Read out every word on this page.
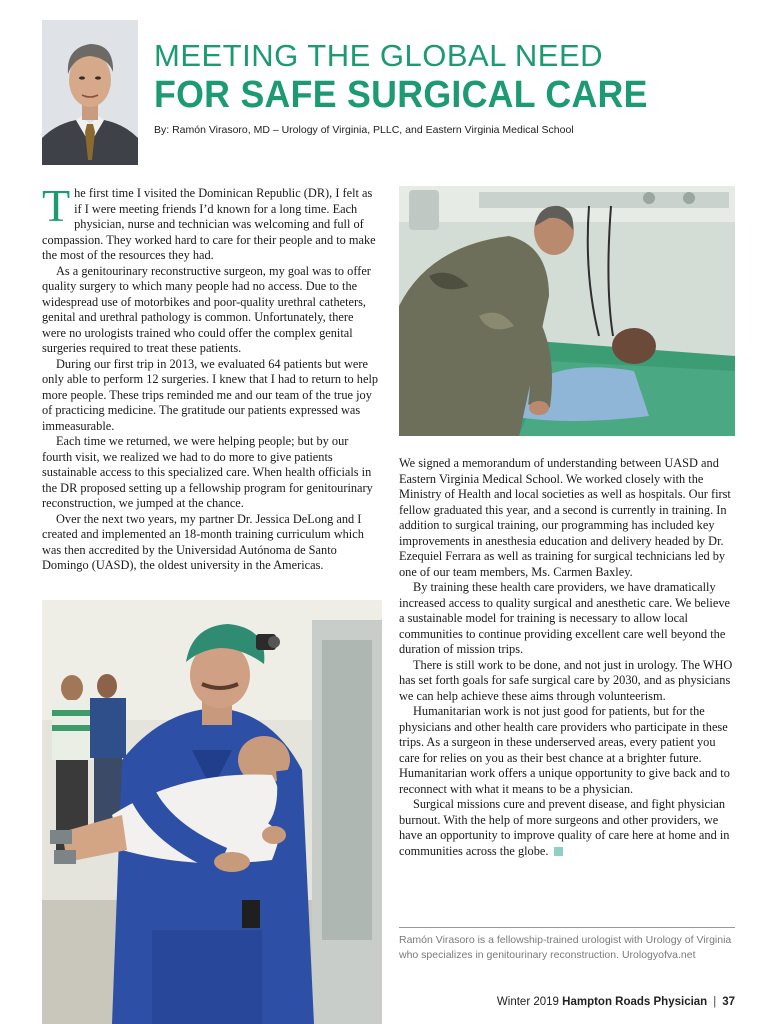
MEETING THE GLOBAL NEED
FOR SAFE SURGICAL CARE
By: Ramón Virasoro, MD – Urology of Virginia, PLLC, and Eastern Virginia Medical School

The first time I visited the Dominican Republic (DR), I felt as if I were meeting friends I’d known for a long time. Each physician, nurse and technician was welcoming and full of compassion. They worked hard to care for their people and to make the most of the resources they had.

As a genitourinary reconstructive surgeon, my goal was to offer quality surgery to which many people had no access. Due to the widespread use of motorbikes and poor-quality urethral catheters, genital and urethral pathology is common. Unfortunately, there were no urologists trained who could offer the complex genital surgeries required to treat these patients.

During our first trip in 2013, we evaluated 64 patients but were only able to perform 12 surgeries. I knew that I had to return to help more people. These trips reminded me and our team of the true joy of practicing medicine. The gratitude our patients expressed was immeasurable.

Each time we returned, we were helping people; but by our fourth visit, we realized we had to do more to give patients sustainable access to this specialized care. When health officials in the DR proposed setting up a fellowship program for genitourinary reconstruction, we jumped at the chance.

Over the next two years, my partner Dr. Jessica DeLong and I created and implemented an 18-month training curriculum which was then accredited by the Universidad Autónoma de Santo Domingo (UASD), the oldest university in the Americas.

We signed a memorandum of understanding between UASD and Eastern Virginia Medical School. We worked closely with the Ministry of Health and local societies as well as hospitals. Our first fellow graduated this year, and a second is currently in training. In addition to surgical training, our programming has included key improvements in anesthesia education and delivery headed by Dr. Ezequiel Ferrara as well as training for surgical technicians led by one of our team members, Ms. Carmen Baxley.

By training these health care providers, we have dramatically increased access to quality surgical and anesthetic care. We believe a sustainable model for training is necessary to allow local communities to continue providing excellent care well beyond the duration of mission trips.

There is still work to be done, and not just in urology. The WHO has set forth goals for safe surgical care by 2030, and as physicians we can help achieve these aims through volunteerism.

Humanitarian work is not just good for patients, but for the physicians and other health care providers who participate in these trips. As a surgeon in these underserved areas, every patient you care for relies on you as their best chance at a brighter future. Humanitarian work offers a unique opportunity to give back and to reconnect with what it means to be a physician.

Surgical missions cure and prevent disease, and fight physician burnout. With the help of more surgeons and other providers, we have an opportunity to improve quality of care here at home and in communities across the globe.

Ramón Virasoro is a fellowship-trained urologist with Urology of Virginia who specializes in genitourinary reconstruction. Urologyofva.net
Winter 2019 Hampton Roads Physician | 37
